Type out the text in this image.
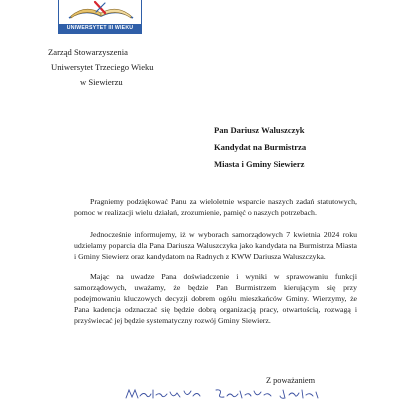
UNIWERSYTET III WIEKU
Zarząd Stowarzyszenia
Uniwersytet Trzeciego Wieku
w Siewierzu
Pan Dariusz Waluszczyk
Kandydat na Burmistrza
Miasta i Gminy Siewierz

Pragniemy podziękować Panu za wieloletnie wsparcie naszych zadań statutowych, pomoc w realizacji wielu działań, zrozumienie, pamięć o naszych potrzebach.

Jednocześnie informujemy, iż w wyborach samorządowych 7 kwietnia 2024 roku udzielamy poparcia dla Pana Dariusza Waluszczyka jako kandydata na Burmistrza Miasta i Gminy Siewierz oraz kandydatom na Radnych z KWW Dariusza Waluszczyka.

Mając na uwadze Pana doświadczenie i wyniki w sprawowaniu funkcji samorządowych, uważamy, że będzie Pan Burmistrzem kierującym się przy podejmowaniu kluczowych decyzji dobrem ogółu mieszkańców Gminy. Wierzymy, że Pana kadencja odznaczać się będzie dobrą organizacją pracy, otwartością, rozwagą i przyświecać jej będzie systematyczny rozwój Gminy Siewierz.

Z poważaniem
